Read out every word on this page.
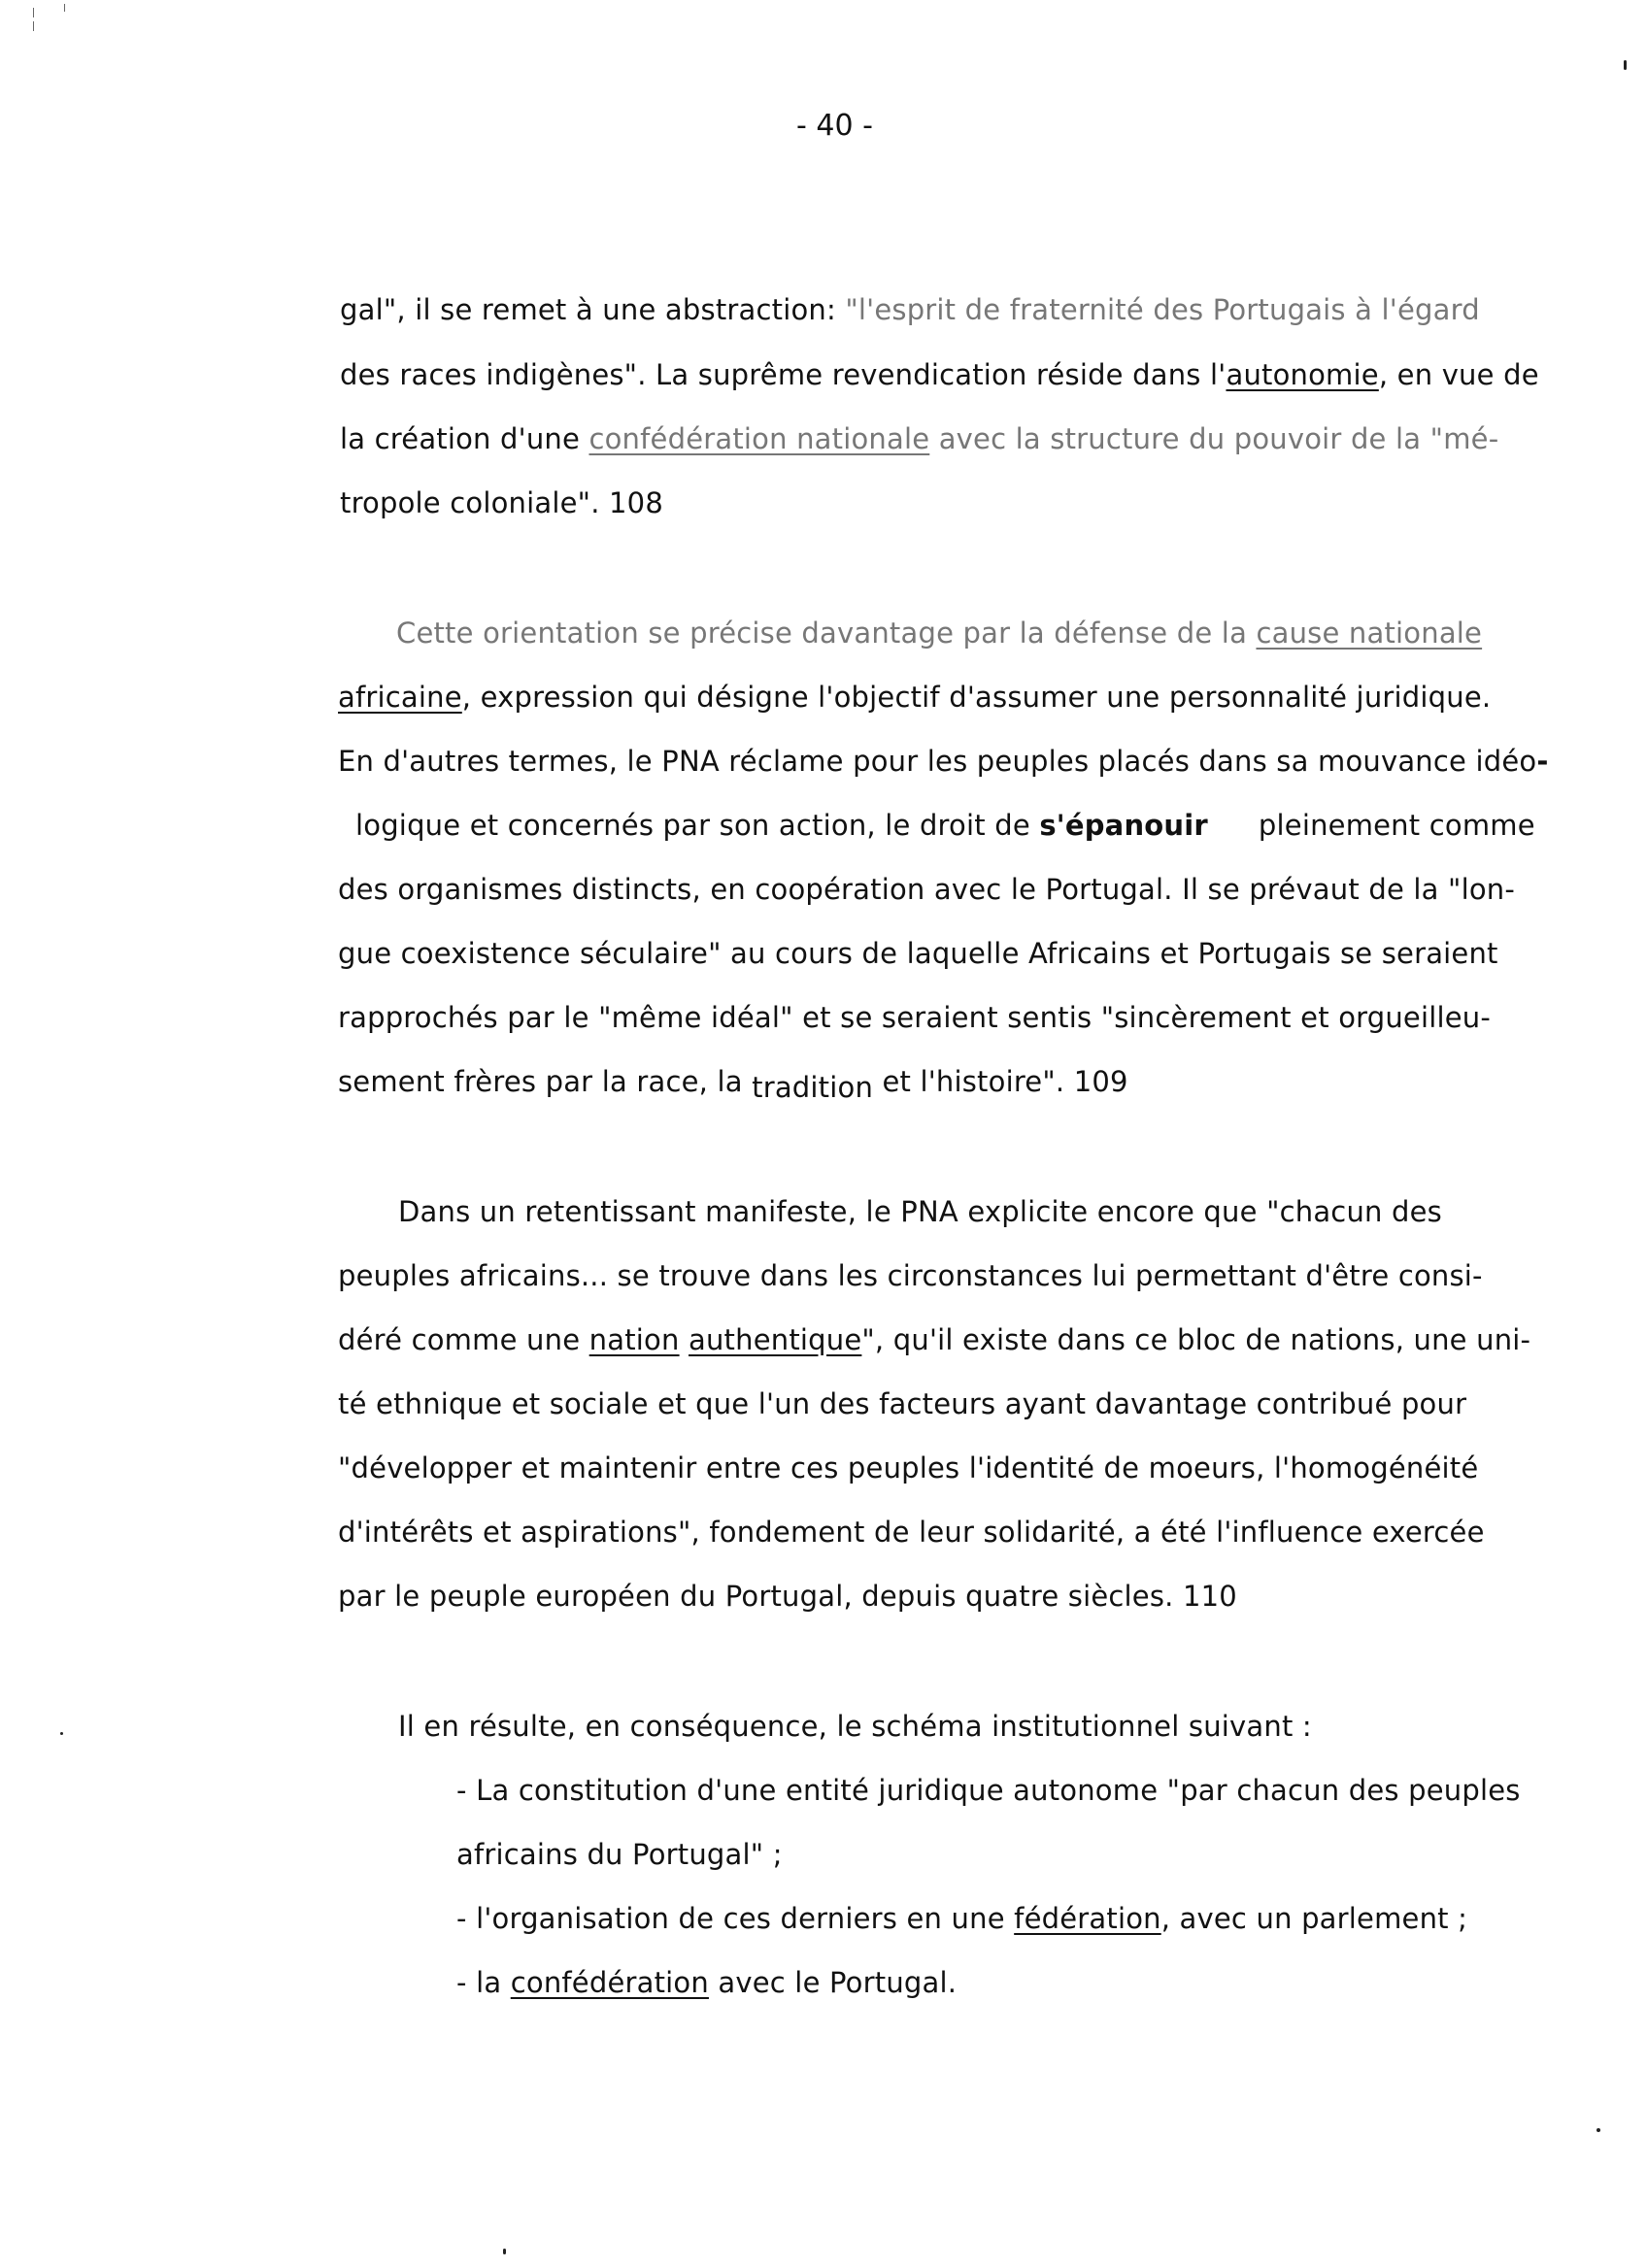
- 40 -
gal", il se remet à une abstraction: "l'esprit de fraternité des Portugais à l'égard
des races indigènes". La suprême revendication réside dans l'autonomie, en vue de
la création d'une confédération nationale avec la structure du pouvoir de la "mé-
tropole coloniale". 108
Cette orientation se précise davantage par la défense de la cause nationale
africaine, expression qui désigne l'objectif d'assumer une personnalité juridique.
En d'autres termes, le PNA réclame pour les peuples placés dans sa mouvance idéo-
logique et concernés par son action, le droit de s'épanouir pleinement comme
des organismes distincts, en coopération avec le Portugal. Il se prévaut de la "lon-
gue coexistence séculaire" au cours de laquelle Africains et Portugais se seraient
rapprochés par le "même idéal" et se seraient sentis "sincèrement et orgueilleu-
sement frères par la race, la tradition et l'histoire". 109
Dans un retentissant manifeste, le PNA explicite encore que "chacun des
peuples africains... se trouve dans les circonstances lui permettant d'être consi-
déré comme une nation authentique", qu'il existe dans ce bloc de nations, une uni-
té ethnique et sociale et que l'un des facteurs ayant davantage contribué pour
"développer et maintenir entre ces peuples l'identité de moeurs, l'homogénéité
d'intérêts et aspirations", fondement de leur solidarité, a été l'influence exercée
par le peuple européen du Portugal, depuis quatre siècles. 110
Il en résulte, en conséquence, le schéma institutionnel suivant :
- La constitution d'une entité juridique autonome "par chacun des peuples
africains du Portugal" ;
- l'organisation de ces derniers en une fédération, avec un parlement ;
- la confédération avec le Portugal.
